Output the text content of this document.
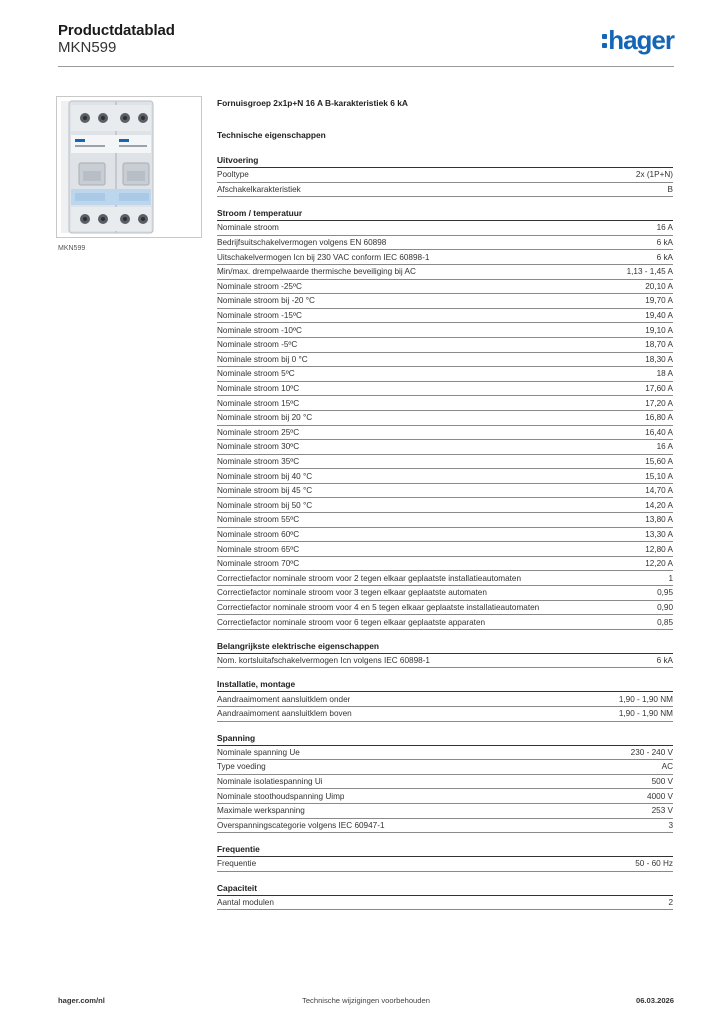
Productdatablad
MKN599	hager
MKN599
Fornuisgroep 2x1p+N 16 A B-karakteristiek 6 kA
Technische eigenschappen
Uitvoering
Pooltype	2x (1P+N)
Afschakelkarakteristiek	B
Stroom / temperatuur
Nominale stroom	16 A
Bedrijfsuitschakelvermogen volgens EN 60898	6 kA
Uitschakelvermogen Icn bij 230 VAC conform IEC 60898-1	6 kA
Min/max. drempelwaarde thermische beveiliging bij AC	1,13 - 1,45 A
Nominale stroom -25ºC	20,10 A
Nominale stroom bij -20 °C	19,70 A
Nominale stroom -15ºC	19,40 A
Nominale stroom -10ºC	19,10 A
Nominale stroom -5ºC	18,70 A
Nominale stroom bij 0 °C	18,30 A
Nominale stroom 5ºC	18 A
Nominale stroom 10ºC	17,60 A
Nominale stroom 15ºC	17,20 A
Nominale stroom bij 20 °C	16,80 A
Nominale stroom 25ºC	16,40 A
Nominale stroom 30ºC	16 A
Nominale stroom 35ºC	15,60 A
Nominale stroom bij 40 °C	15,10 A
Nominale stroom bij 45 °C	14,70 A
Nominale stroom bij 50 °C	14,20 A
Nominale stroom 55ºC	13,80 A
Nominale stroom 60ºC	13,30 A
Nominale stroom 65ºC	12,80 A
Nominale stroom 70ºC	12,20 A
Correctiefactor nominale stroom voor 2 tegen elkaar geplaatste installatieautomaten	1
Correctiefactor nominale stroom voor 3 tegen elkaar geplaatste automaten	0,95
Correctiefactor nominale stroom voor 4 en 5 tegen elkaar geplaatste installatieautomaten	0,90
Correctiefactor nominale stroom voor 6 tegen elkaar geplaatste apparaten	0,85
Belangrijkste elektrische eigenschappen
Nom. kortsluitafschakelvermogen Icn volgens IEC 60898-1	6 kA
Installatie, montage
Aandraaimoment aansluitklem onder	1,90 - 1,90 NM
Aandraaimoment aansluitklem boven	1,90 - 1,90 NM
Spanning
Nominale spanning Ue	230 - 240 V
Type voeding	AC
Nominale isolatiespanning Ui	500 V
Nominale stoothoudspanning Uimp	4000 V
Maximale werkspanning	253 V
Overspanningscategorie volgens IEC 60947-1	3
Frequentie
Frequentie	50 - 60 Hz
Capaciteit
Aantal modulen	2
hager.com/nl	Technische wijzigingen voorbehouden	06.03.2026
